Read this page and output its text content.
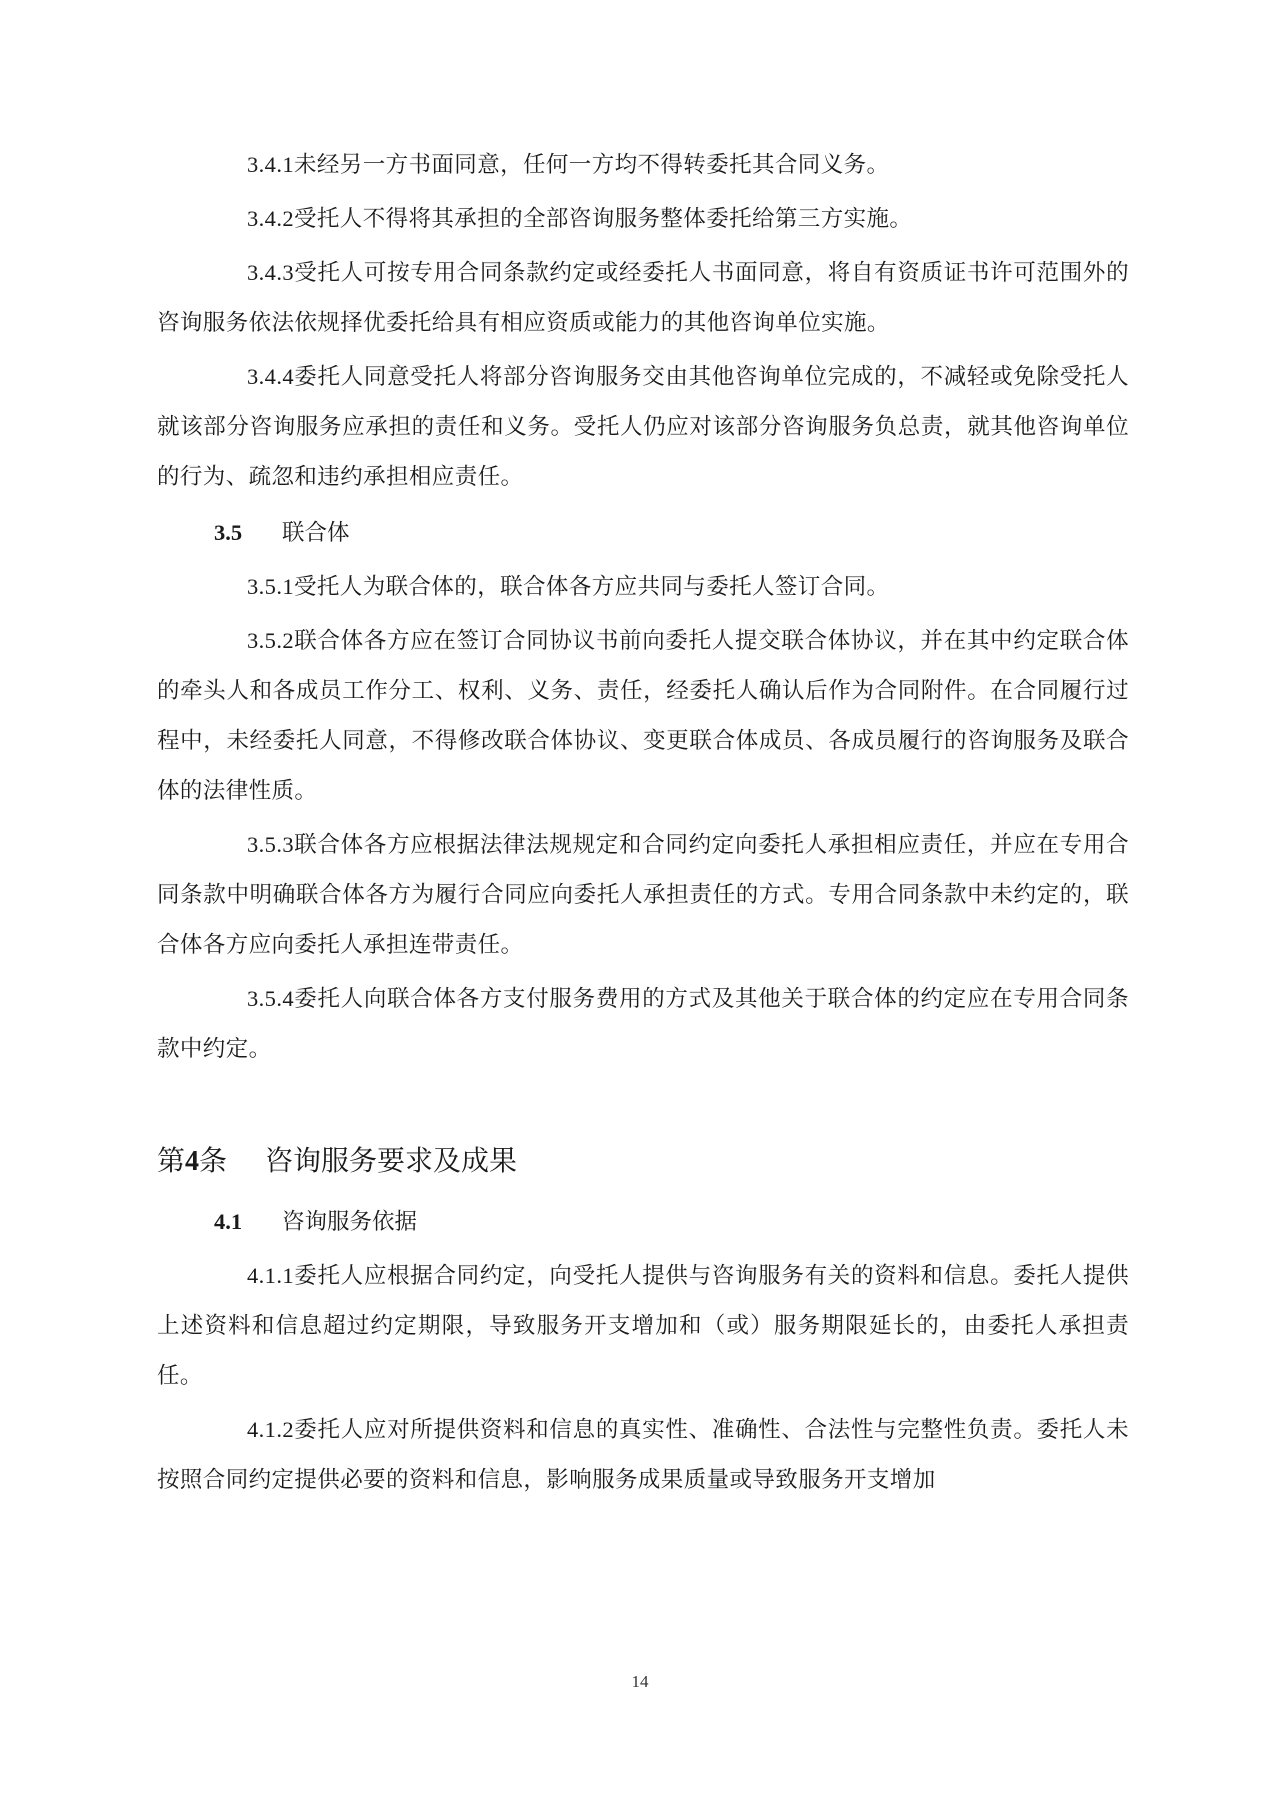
3.4.1未经另一方书面同意，任何一方均不得转委托其合同义务。

3.4.2受托人不得将其承担的全部咨询服务整体委托给第三方实施。

3.4.3受托人可按专用合同条款约定或经委托人书面同意，将自有资质证书许可范围外的咨询服务依法依规择优委托给具有相应资质或能力的其他咨询单位实施。

3.4.4委托人同意受托人将部分咨询服务交由其他咨询单位完成的，不减轻或免除受托人就该部分咨询服务应承担的责任和义务。受托人仍应对该部分咨询服务负总责，就其他咨询单位的行为、疏忽和违约承担相应责任。

3.5 联合体

3.5.1受托人为联合体的，联合体各方应共同与委托人签订合同。

3.5.2联合体各方应在签订合同协议书前向委托人提交联合体协议，并在其中约定联合体的牵头人和各成员工作分工、权利、义务、责任，经委托人确认后作为合同附件。在合同履行过程中，未经委托人同意，不得修改联合体协议、变更联合体成员、各成员履行的咨询服务及联合体的法律性质。

3.5.3联合体各方应根据法律法规规定和合同约定向委托人承担相应责任，并应在专用合同条款中明确联合体各方为履行合同应向委托人承担责任的方式。专用合同条款中未约定的，联合体各方应向委托人承担连带责任。

3.5.4委托人向联合体各方支付服务费用的方式及其他关于联合体的约定应在专用合同条款中约定。

第4条 咨询服务要求及成果
4.1 咨询服务依据

4.1.1委托人应根据合同约定，向受托人提供与咨询服务有关的资料和信息。委托人提供上述资料和信息超过约定期限，导致服务开支增加和（或）服务期限延长的，由委托人承担责任。

4.1.2委托人应对所提供资料和信息的真实性、准确性、合法性与完整性负责。委托人未按照合同约定提供必要的资料和信息，影响服务成果质量或导致服务开支增加

14
